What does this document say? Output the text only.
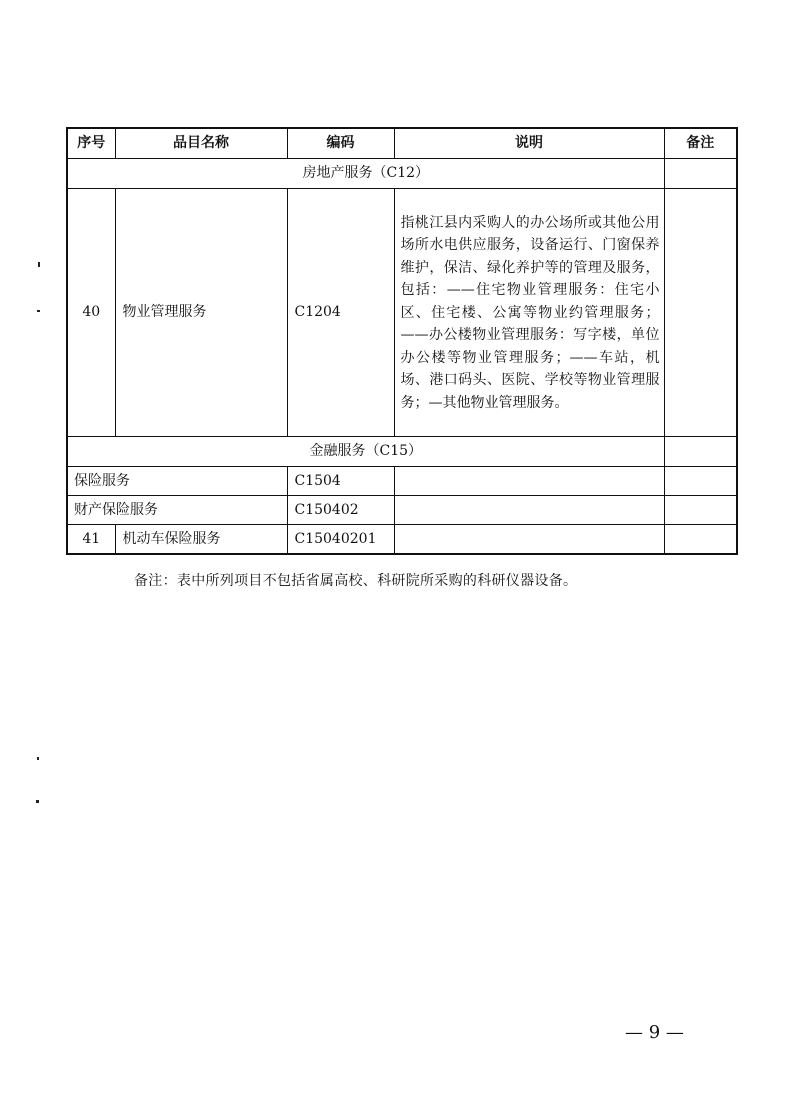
序号	品目名称	编码	说明	备注
房地产服务（C12）				
40	物业管理服务	C1204	指桃江县内采购人的办公场所或其他公用场所水电供应服务，设备运行、门窗保养维护，保洁、绿化养护等的管理及服务，包括：——住宅物业管理服务：住宅小区、住宅楼、公寓等物业约管理服务；——办公楼物业管理服务：写字楼，单位办公楼等物业管理服务；——车站，机场、港口码头、医院、学校等物业管理服务；—其他物业管理服务。	
金融服务（C15）				
保险服务		C1504		
财产保险服务		C150402		
41	机动车保险服务	C15040201		
备注：表中所列项目不包括省属高校、科研院所采购的科研仪器设备。
— 9 —
